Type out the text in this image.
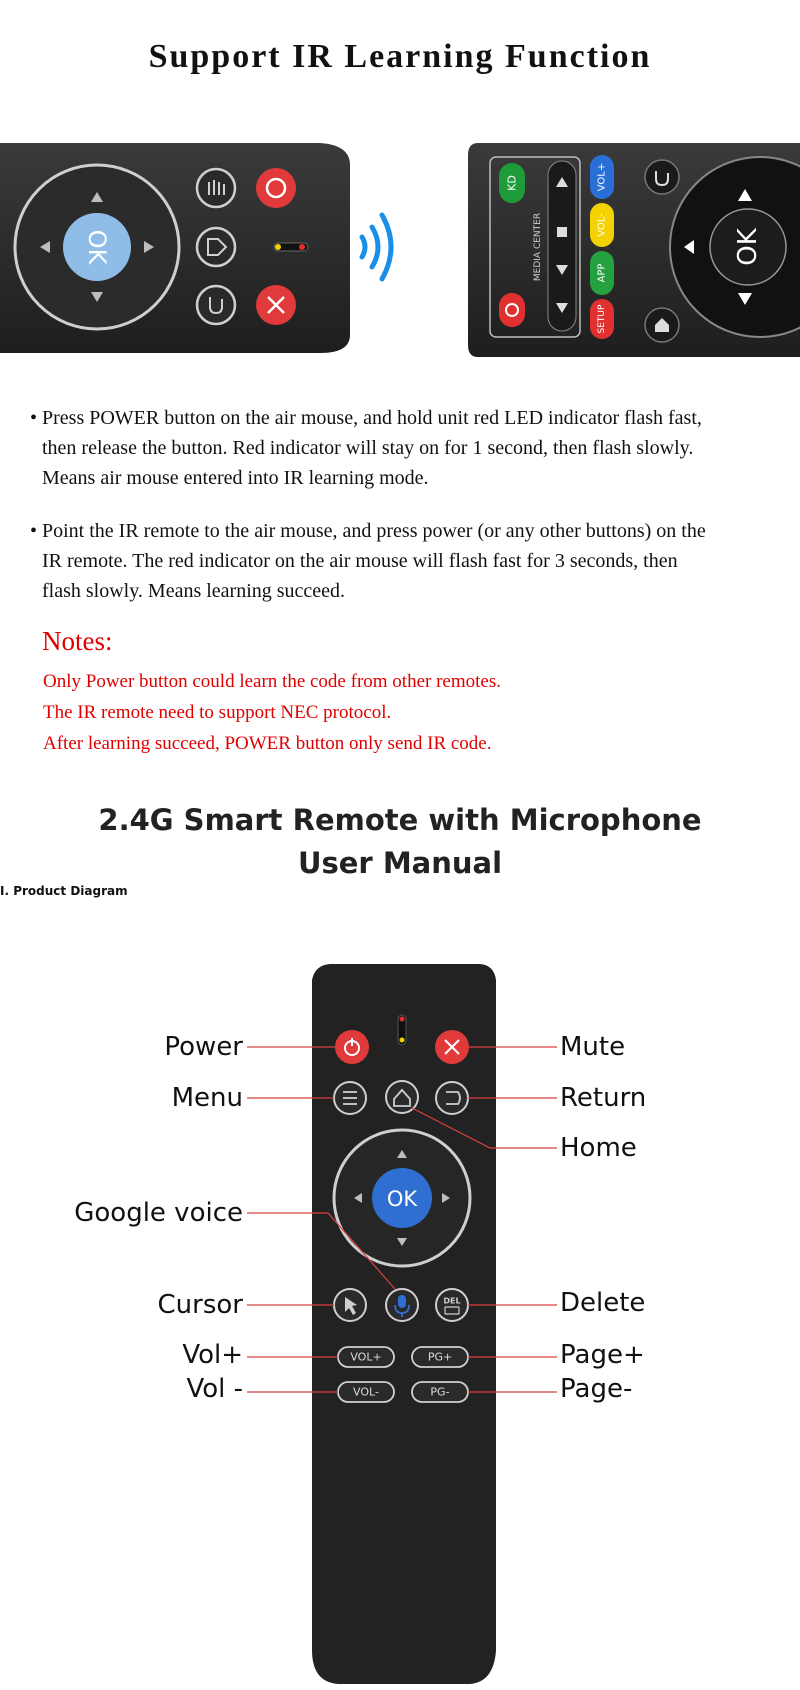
Support IR Learning Function
OK
KD
MEDIA CENTER
VOL+
VOL-
APP
SETUP
OK
• Press POWER button on the air mouse, and hold unit red LED indicator flash fast,

then release the button. Red indicator will stay on for 1 second, then flash slowly.

Means air mouse entered into IR learning mode.

• Point the IR remote to the air mouse, and press power (or any other buttons) on the

IR remote. The red indicator on the air mouse will flash fast for 3 seconds, then

flash slowly. Means learning succeed.

Notes:

Only Power button could learn the code from other remotes.

The IR remote need to support NEC protocol.

After learning succeed, POWER button only send IR code.

2.4G Smart Remote with Microphone

User Manual

I. Product Diagram

OK
DEL
VOL+	PG+
VOL-	PG-
Power
Menu
Google voice
Cursor
Vol+
Vol -
Mute
Return
Home
Delete
Page+
Page-
